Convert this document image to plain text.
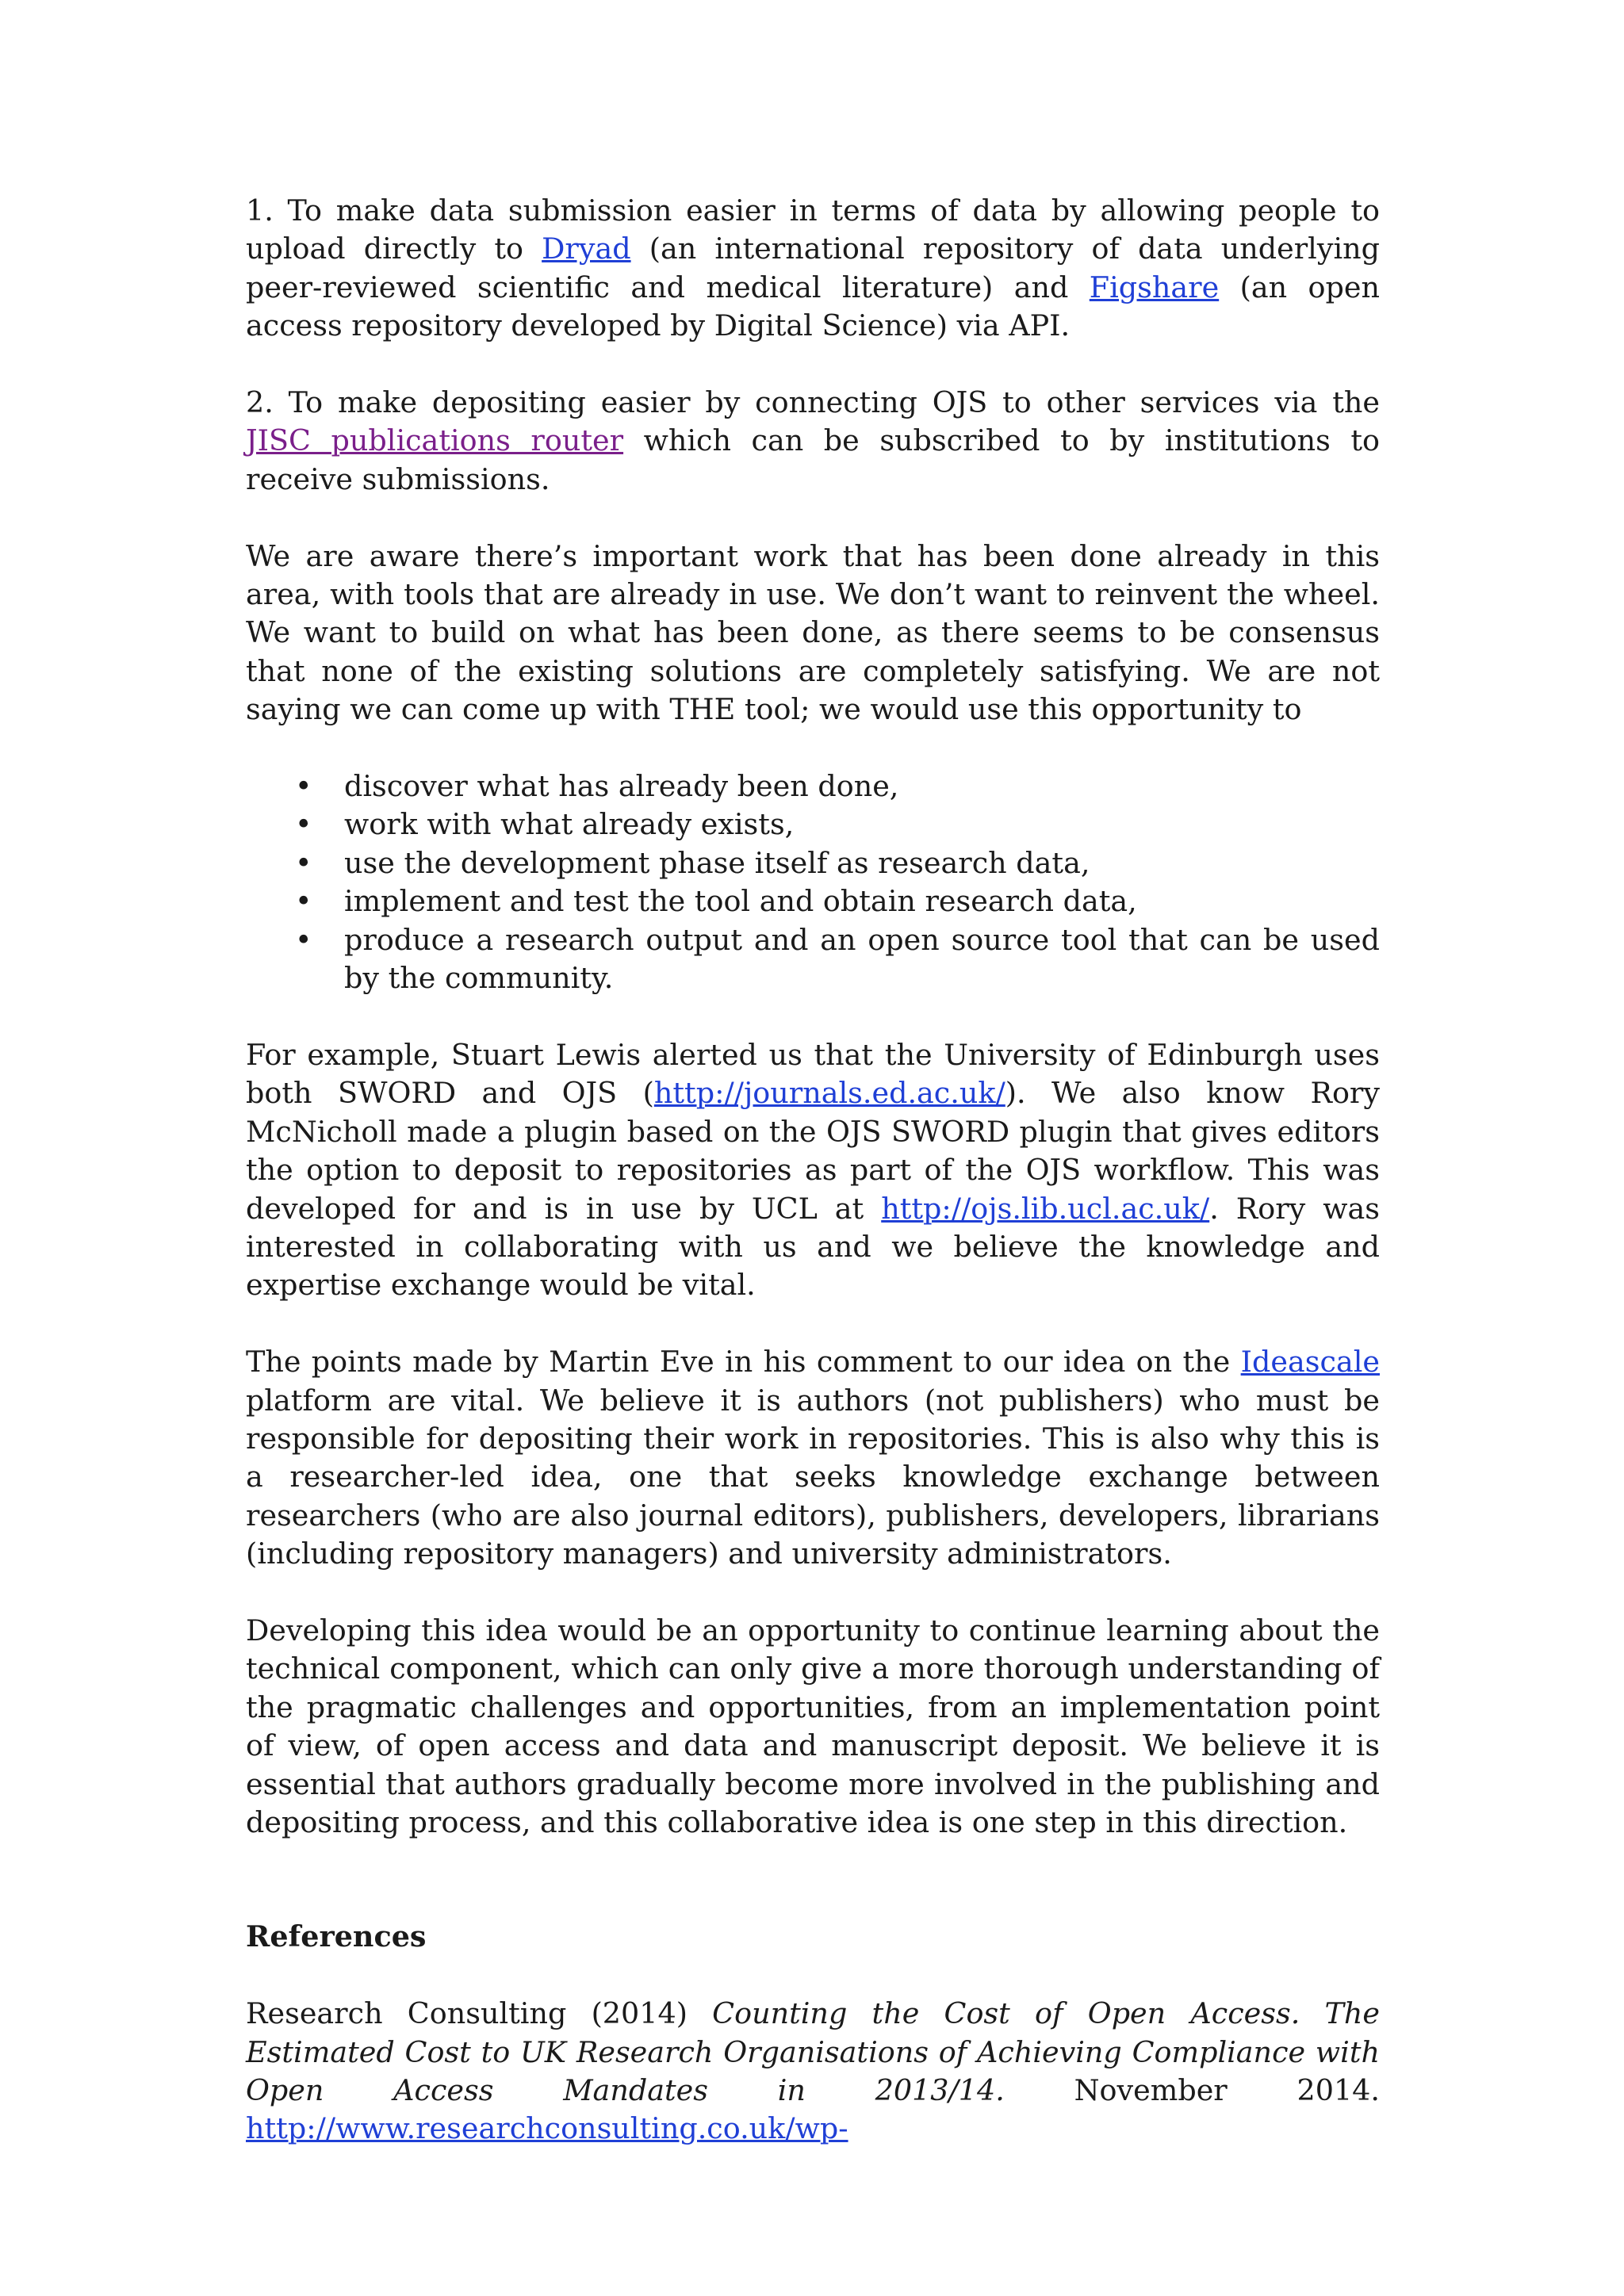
1. To make data submission easier in terms of data by allowing people to upload directly to Dryad (an international repository of data underlying peer-reviewed scientific and medical literature) and Figshare (an open access repository developed by Digital Science) via API.

2. To make depositing easier by connecting OJS to other services via the JISC publications router which can be subscribed to by institutions to receive submissions.

We are aware there’s important work that has been done already in this area, with tools that are already in use. We don’t want to reinvent the wheel. We want to build on what has been done, as there seems to be consensus that none of the existing solutions are completely satisfying. We are not saying we can come up with THE tool; we would use this opportunity to

• discover what has already been done,
• work with what already exists,
• use the development phase itself as research data,
• implement and test the tool and obtain research data,
• produce a research output and an open source tool that can be used by the community.

For example, Stuart Lewis alerted us that the University of Edinburgh uses both SWORD and OJS (http://journals.ed.ac.uk/). We also know Rory McNicholl made a plugin based on the OJS SWORD plugin that gives editors the option to deposit to repositories as part of the OJS workflow. This was developed for and is in use by UCL at http://ojs.lib.ucl.ac.uk/. Rory was interested in collaborating with us and we believe the knowledge and expertise exchange would be vital.

The points made by Martin Eve in his comment to our idea on the Ideascale platform are vital. We believe it is authors (not publishers) who must be responsible for depositing their work in repositories. This is also why this is a researcher-led idea, one that seeks knowledge exchange between researchers (who are also journal editors), publishers, developers, librarians (including repository managers) and university administrators.

Developing this idea would be an opportunity to continue learning about the technical component, which can only give a more thorough understanding of the pragmatic challenges and opportunities, from an implementation point of view, of open access and data and manuscript deposit. We believe it is essential that authors gradually become more involved in the publishing and depositing process, and this collaborative idea is one step in this direction.

References

Research Consulting (2014) Counting the Cost of Open Access. The Estimated Cost to UK Research Organisations of Achieving Compliance with Open Access Mandates in 2013/14. November 2014. http://www.researchconsulting.co.uk/wp-
